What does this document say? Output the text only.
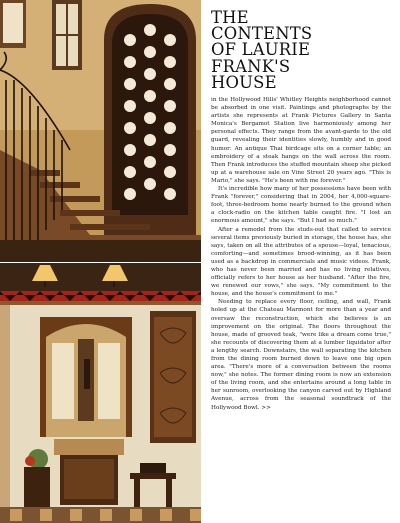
THE
CONTENTS
OF LAURIE
FRANK'S
HOUSE

in the Hollywood Hills' Whitley Heights neighborhood cannot be absorbed in one visit. Paintings and photographs by the artists she represents at Frank Pictures Gallery in Santa Monica's Bergamot Station live harmoniously among her personal effects. They range from the avant-garde to the old guard, revealing their identities slowly, humbly and in good humor: An antique Thai birdcage sits on a corner table; an embroidery of a steak hangs on the wall across the room. Then Frank introduces the stuffed mountain sheep she picked up at a warehouse sale on Vine Street 20 years ago. "This is Mario," she says. "He's been with me forever."

It's incredible how many of her possessions have been with Frank "forever," considering that in 2004, her 4,000-square-foot, three-bedroom home nearly burned to the ground when a clock-radio on the kitchen table caught fire. "I lost an enormous amount," she says. "But I had so much."

After a remodel from the studs-out that called to service several items previously buried in storage, the house has, she says, taken on all the attributes of a spouse—loyal, tenacious, comforting—and sometimes brood-winning, as it has been used as a backdrop in commercials and music videos. Frank, who has never been married and has no living relatives, officially refers to her house as her husband. "After the fire, we renewed our vows," she says. "My commitment to the house, and the house's commitment to me."

Needing to replace every floor, ceiling, and wall, Frank holed up at the Chateau Marmont for more than a year and oversaw the reconstruction, which she believes is an improvement on the original. The floors throughout the house, made of grooved teak, "were like a dream come true," she recounts of discovering them at a lumber liquidator after a lengthy search. Downstairs, the wall separating the kitchen from the dining room burned down to leave one big open area. "There's more of a conversation between the rooms now," she notes. The former dining room is now an extension of the living room, and she entertains around a long table in her sunroom, overlooking the canyon carved out by Highland Avenue, across from the seasonal soundtrack of the Hollywood Bowl. >>
